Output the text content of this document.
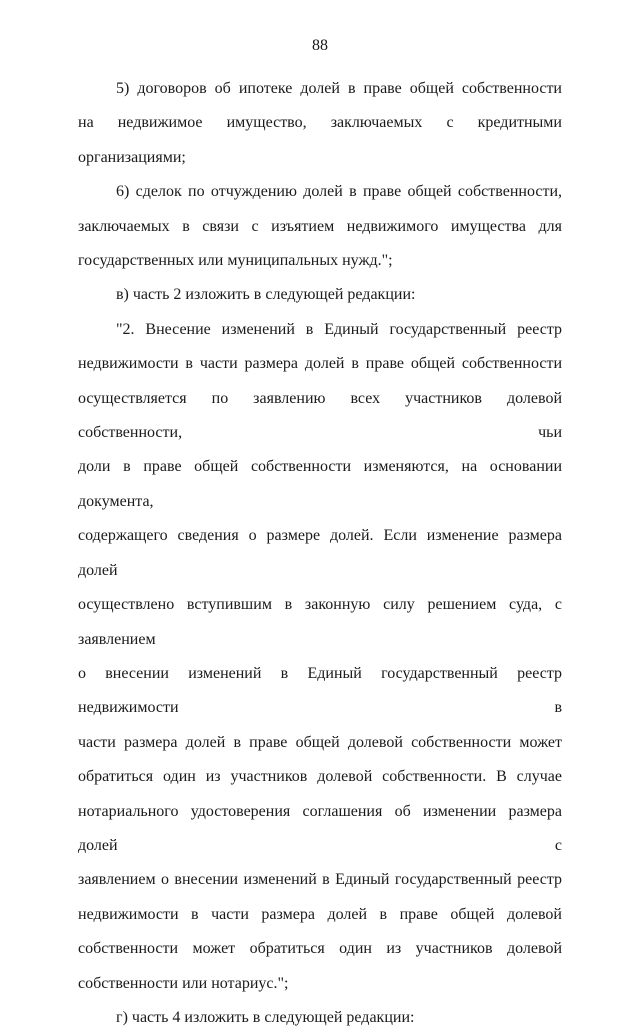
88

5) договоров об ипотеке долей в праве общей собственности
на недвижимое имущество, заключаемых с кредитными организациями;

6) сделок по отчуждению долей в праве общей собственности,
заключаемых в связи с изъятием недвижимого имущества для
государственных или муниципальных нужд.";

в) часть 2 изложить в следующей редакции:

"2. Внесение изменений в Единый государственный реестр
недвижимости в части размера долей в праве общей собственности
осуществляется по заявлению всех участников долевой собственности, чьи
доли в праве общей собственности изменяются, на основании документа,
содержащего сведения о размере долей. Если изменение размера долей
осуществлено вступившим в законную силу решением суда, с заявлением
о внесении изменений в Единый государственный реестр недвижимости в
части размера долей в праве общей долевой собственности может
обратиться один из участников долевой собственности. В случае
нотариального удостоверения соглашения об изменении размера долей с
заявлением о внесении изменений в Единый государственный реестр
недвижимости в части размера долей в праве общей долевой
собственности может обратиться один из участников долевой
собственности или нотариус.";

г) часть 4 изложить в следующей редакции:
